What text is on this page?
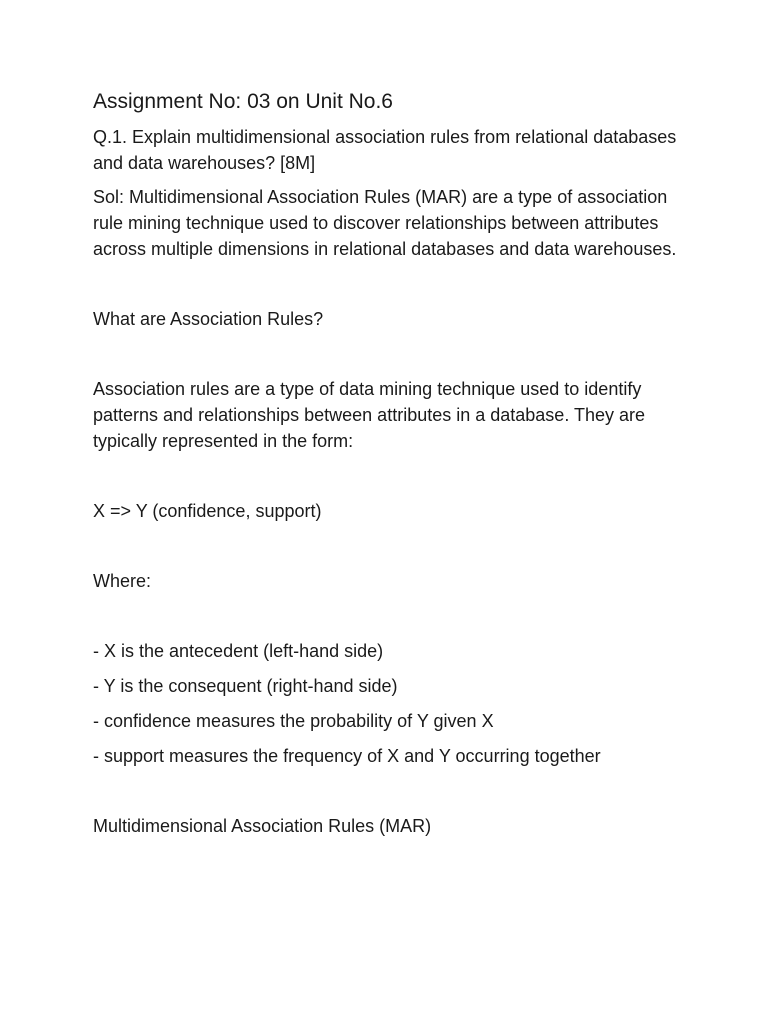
Assignment No: 03 on Unit No.6

Q.1. Explain multidimensional association rules from relational databases and data warehouses? [8M]

Sol: Multidimensional Association Rules (MAR) are a type of association rule mining technique used to discover relationships between attributes across multiple dimensions in relational databases and data warehouses.

What are Association Rules?

Association rules are a type of data mining technique used to identify patterns and relationships between attributes in a database. They are typically represented in the form:

X => Y (confidence, support)

Where:

- X is the antecedent (left-hand side)

- Y is the consequent (right-hand side)

- confidence measures the probability of Y given X

- support measures the frequency of X and Y occurring together

Multidimensional Association Rules (MAR)
